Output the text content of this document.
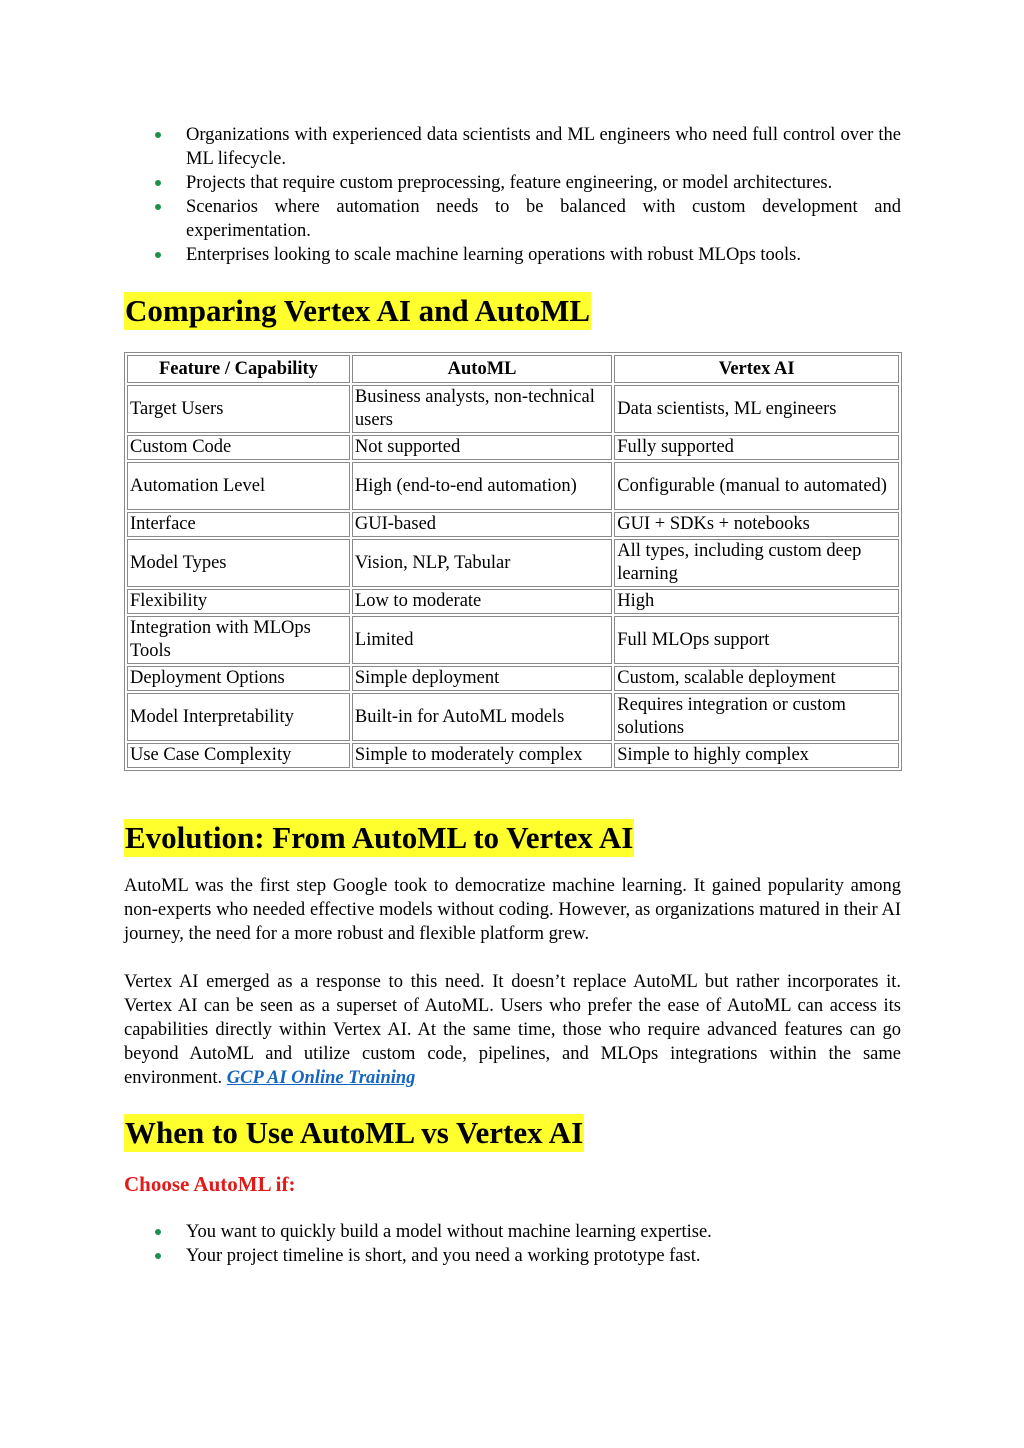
Organizations with experienced data scientists and ML engineers who need full control over the ML lifecycle.
Projects that require custom preprocessing, feature engineering, or model architectures.
Scenarios where automation needs to be balanced with custom development and experimentation.
Enterprises looking to scale machine learning operations with robust MLOps tools.
Comparing Vertex AI and AutoML
Feature / Capability	AutoML	Vertex AI
Target Users	Business analysts, non-technical users	Data scientists, ML engineers
Custom Code	Not supported	Fully supported
Automation Level	High (end-to-end automation)	Configurable (manual to automated)
Interface	GUI-based	GUI + SDKs + notebooks
Model Types	Vision, NLP, Tabular	All types, including custom deep learning
Flexibility	Low to moderate	High
Integration with MLOps Tools	Limited	Full MLOps support
Deployment Options	Simple deployment	Custom, scalable deployment
Model Interpretability	Built-in for AutoML models	Requires integration or custom solutions
Use Case Complexity	Simple to moderately complex	Simple to highly complex
Evolution: From AutoML to Vertex AI

AutoML was the first step Google took to democratize machine learning. It gained popularity among non-experts who needed effective models without coding. However, as organizations matured in their AI journey, the need for a more robust and flexible platform grew.

Vertex AI emerged as a response to this need. It doesn’t replace AutoML but rather incorporates it. Vertex AI can be seen as a superset of AutoML. Users who prefer the ease of AutoML can access its capabilities directly within Vertex AI. At the same time, those who require advanced features can go beyond AutoML and utilize custom code, pipelines, and MLOps integrations within the same environment. GCP AI Online Training

When to Use AutoML vs Vertex AI

Choose AutoML if:

You want to quickly build a model without machine learning expertise.
Your project timeline is short, and you need a working prototype fast.
